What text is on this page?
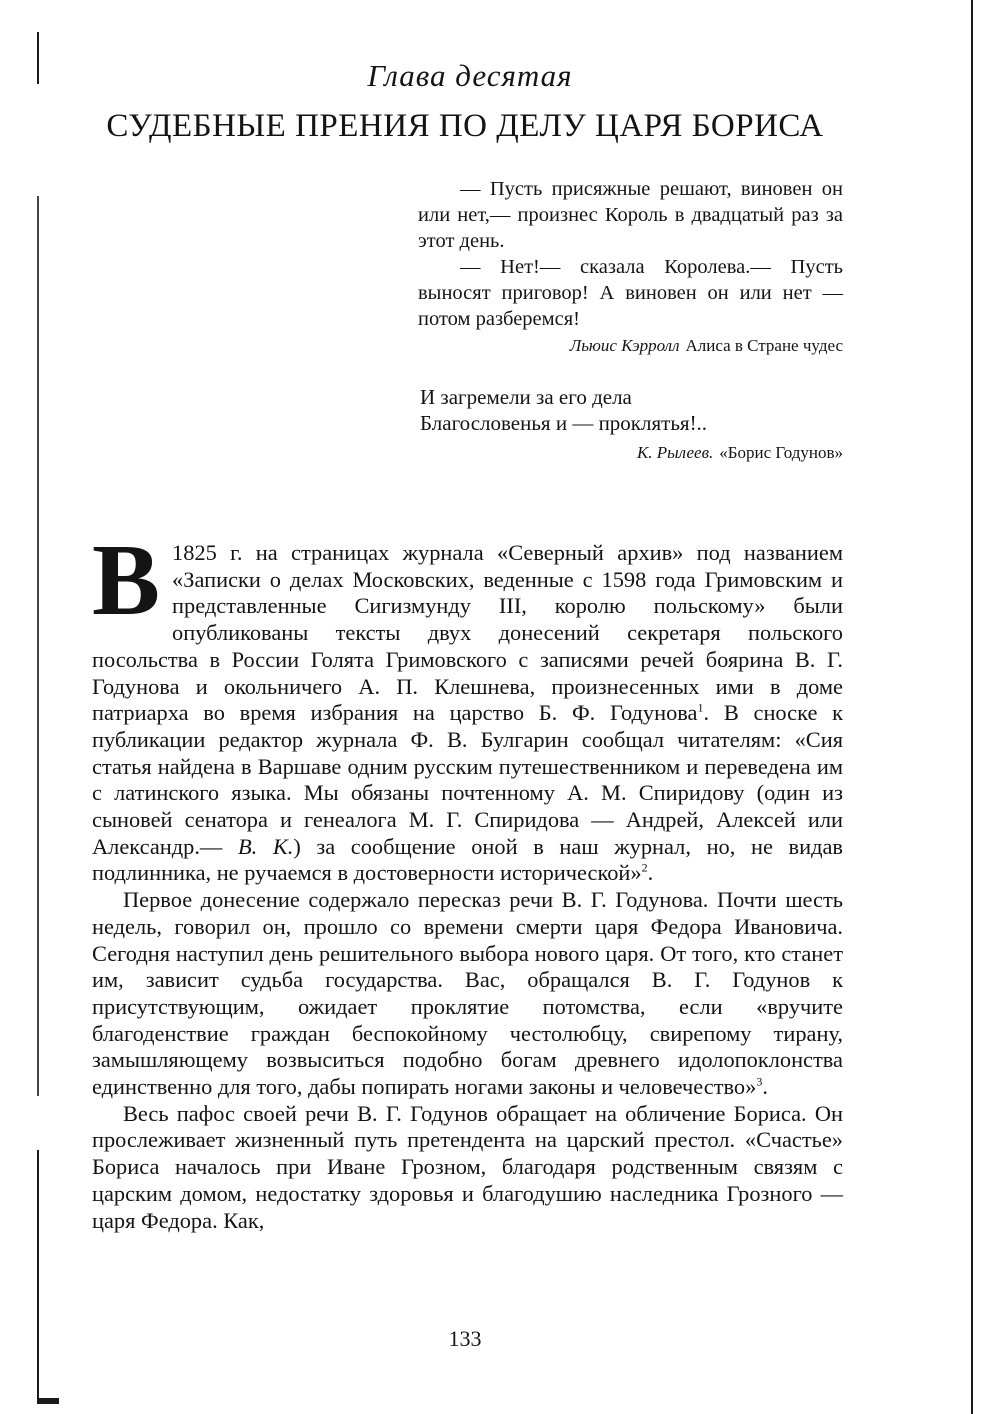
Глава десятая
СУДЕБНЫЕ ПРЕНИЯ ПО ДЕЛУ ЦАРЯ БОРИСА

— Пусть присяжные решают, виновен он или нет,— произнес Король в двадцатый раз за этот день.

— Нет!— сказала Королева.— Пусть выносят приговор! А виновен он или нет — потом разберемся!

Льюис Кэрролл Алиса в Стране чудес
И загремели за его дела
Благословенья и — проклятья!..
К. Рылеев. «Борис Годунов»

В 1825 г. на страницах журнала «Северный архив» под названием «Записки о делах Московских, веденные с 1598 года Гримовским и представленные Сигизмунду III, королю польскому» были опубликованы тексты двух донесений секретаря польского посольства в России Голята Гримовского с записями речей боярина В. Г. Годунова и окольничего А. П. Клешнева, произнесенных ими в доме патриарха во время избрания на царство Б. Ф. Годунова$^1$. В сноске к публикации редактор журнала Ф. В. Булгарин сообщал читателям: «Сия статья найдена в Варшаве одним русским путешественником и переведена им с латинского языка. Мы обязаны почтенному А. М. Спиридову (один из сыновей сенатора и генеалога М. Г. Спиридова — Андрей, Алексей или Александр.— В. К.) за сообщение оной в наш журнал, но, не видав подлинника, не ручаемся в достоверности исторической»$^2$.

Первое донесение содержало пересказ речи В. Г. Годунова. Почти шесть недель, говорил он, прошло со времени смерти царя Федора Ивановича. Сегодня наступил день решительного выбора нового царя. От того, кто станет им, зависит судьба государства. Вас, обращался В. Г. Годунов к присутствующим, ожидает проклятие потомства, если «вручите благоденствие граждан беспокойному честолюбцу, свирепому тирану, замышляющему возвыситься подобно богам древнего идолопоклонства единственно для того, дабы попирать ногами законы и человечество»$^3$.

Весь пафос своей речи В. Г. Годунов обращает на обличение Бориса. Он прослеживает жизненный путь претендента на царский престол. «Счастье» Бориса началось при Иване Грозном, благодаря родственным связям с царским домом, недостатку здоровья и благодушию наследника Грозного — царя Федора. Как,

133
